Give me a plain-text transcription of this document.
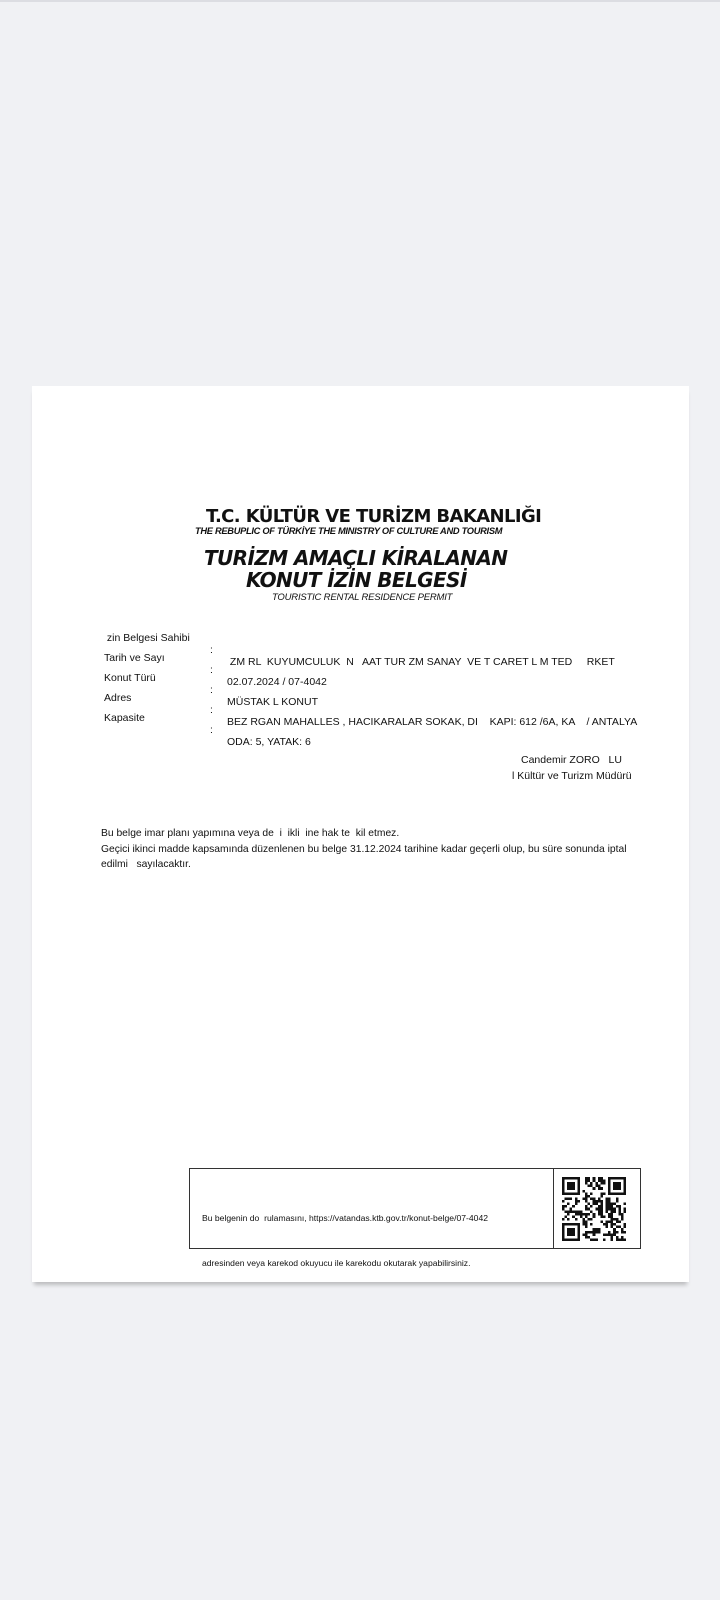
T.C. KÜLTÜR VE TURİZM BAKANLIĞI
THE REBUPLIC OF TÜRKİYE THE MINISTRY OF CULTURE AND TOURISM
TURİZM AMAÇLI KİRALANAN
KONUT İZİN BELGESİ
TOURISTIC RENTAL RESIDENCE PERMIT

zin Belgesi Sahibi

:

ZM RL  KUYUMCULUK  N   AAT TUR ZM SANAY  VE T CARET L M TED     RKET

Tarih ve Sayı

:

02.07.2024 / 07-4042

Konut Türü

:

MÜSTAK L KONUT

Adres

:

BEZ RGAN MAHALLES , HACIKARALAR SOKAK, DI    KAPI: 612 /6A, KA    / ANTALYA

Kapasite

:

ODA: 5, YATAK: 6

Candemir ZORO   LU
l Kültür ve Turizm Müdürü

Bu belge imar planı yapımına veya de  i  ikli  ine hak te  kil etmez.

Geçici ikinci madde kapsamında düzenlenen bu belge 31.12.2024 tarihine kadar geçerli olup, bu süre sonunda iptal edilmi   sayılacaktır.

Bu belgenin do  rulamasını, https://vatandas.ktb.gov.tr/konut-belge/07-4042

adresinden veya karekod okuyucu ile karekodu okutarak yapabilirsiniz.
